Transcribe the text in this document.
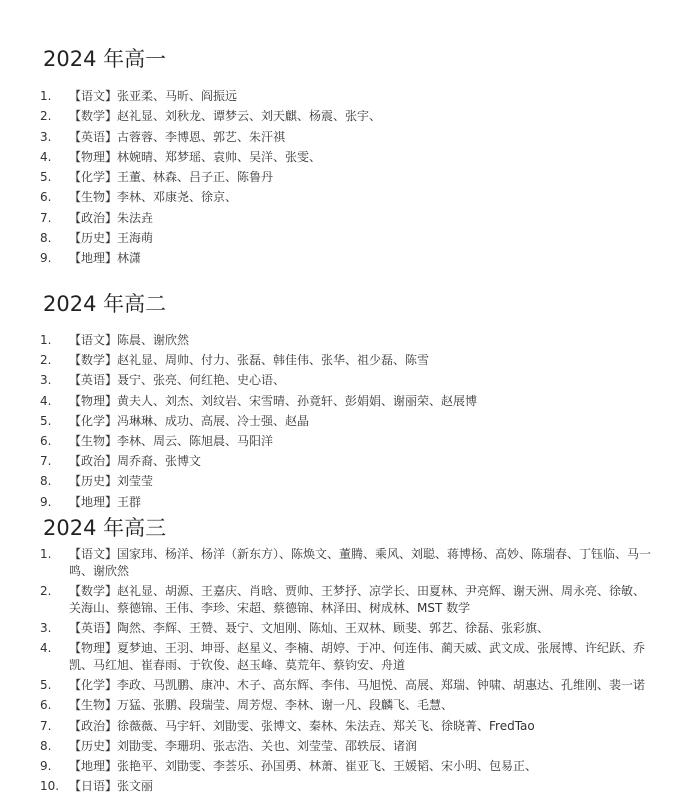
2024 年高一
1.	【语文】张亚柔、马昕、阎振远
2.	【数学】赵礼显、刘秋龙、谭梦云、刘天麒、杨震、张宇、
3.	【英语】古蓉蓉、李博恩、郭艺、朱汗祺
4.	【物理】林婉晴、郑梦瑶、袁帅、吴洋、张雯、
5.	【化学】王董、林森、吕子正、陈鲁丹
6.	【生物】李林、邓康尧、徐京、
7.	【政治】朱法垚
8.	【历史】王海萌
9.	【地理】林潇
2024 年高二
1.	【语文】陈晨、谢欣然
2.	【数学】赵礼显、周帅、付力、张磊、韩佳伟、张华、祖少磊、陈雪
3.	【英语】聂宁、张亮、何红艳、史心语、
4.	【物理】黄夫人、刘杰、刘纹岩、宋雪晴、孙竟轩、彭娟娟、谢丽荣、赵展博
5.	【化学】冯琳琳、成功、高展、冷士强、赵晶
6.	【生物】李林、周云、陈旭晨、马阳洋
7.	【政治】周乔裔、张博文
8.	【历史】刘莹莹
9.	【地理】王群
2024 年高三
1.	【语文】国家玮、杨洋、杨洋（新东方）、陈焕文、董腾、乘风、刘聪、蒋博杨、高妙、陈瑞春、丁钰临、马一鸣、谢欣然
2.	【数学】赵礼显、胡源、王嘉庆、肖晗、贾帅、王梦抒、凉学长、田夏林、尹亮辉、谢天洲、周永亮、徐敏、关海山、蔡德锦、王伟、李珍、宋超、蔡德锦、林泽田、树成林、MST 数学
3.	【英语】陶然、李辉、王赞、聂宁、文旭刚、陈灿、王双林、顾斐、郭艺、徐磊、张彩旗、
4.	【物理】夏梦迪、王羽、坤哥、赵星义、李楠、胡婷、于冲、何连伟、蔺天威、武文成、张展博、许纪跃、乔凯、马红旭、崔春雨、于钦俊、赵玉峰、莫荒年、蔡钧安、舟道
5.	【化学】李政、马凯鹏、康冲、木子、高东辉、李伟、马旭悦、高展、郑瑞、钟啸、胡惠达、孔维刚、裴一诺
6.	【生物】万猛、张鹏、段瑞莹、周芳煜、李林、谢一凡、段麟飞、毛慧、
7.	【政治】徐薇薇、马宇轩、刘勖雯、张博文、秦林、朱法垚、郑关飞、徐晓菁、FredTao
8.	【历史】刘勖雯、李珊玥、张志浩、关也、刘莹莹、邵轶辰、诸润
9.	【地理】张艳平、刘勖雯、李荟乐、孙国勇、林萧、崔亚飞、王媛韬、宋小明、包易正、
10. 【日语】张文丽
